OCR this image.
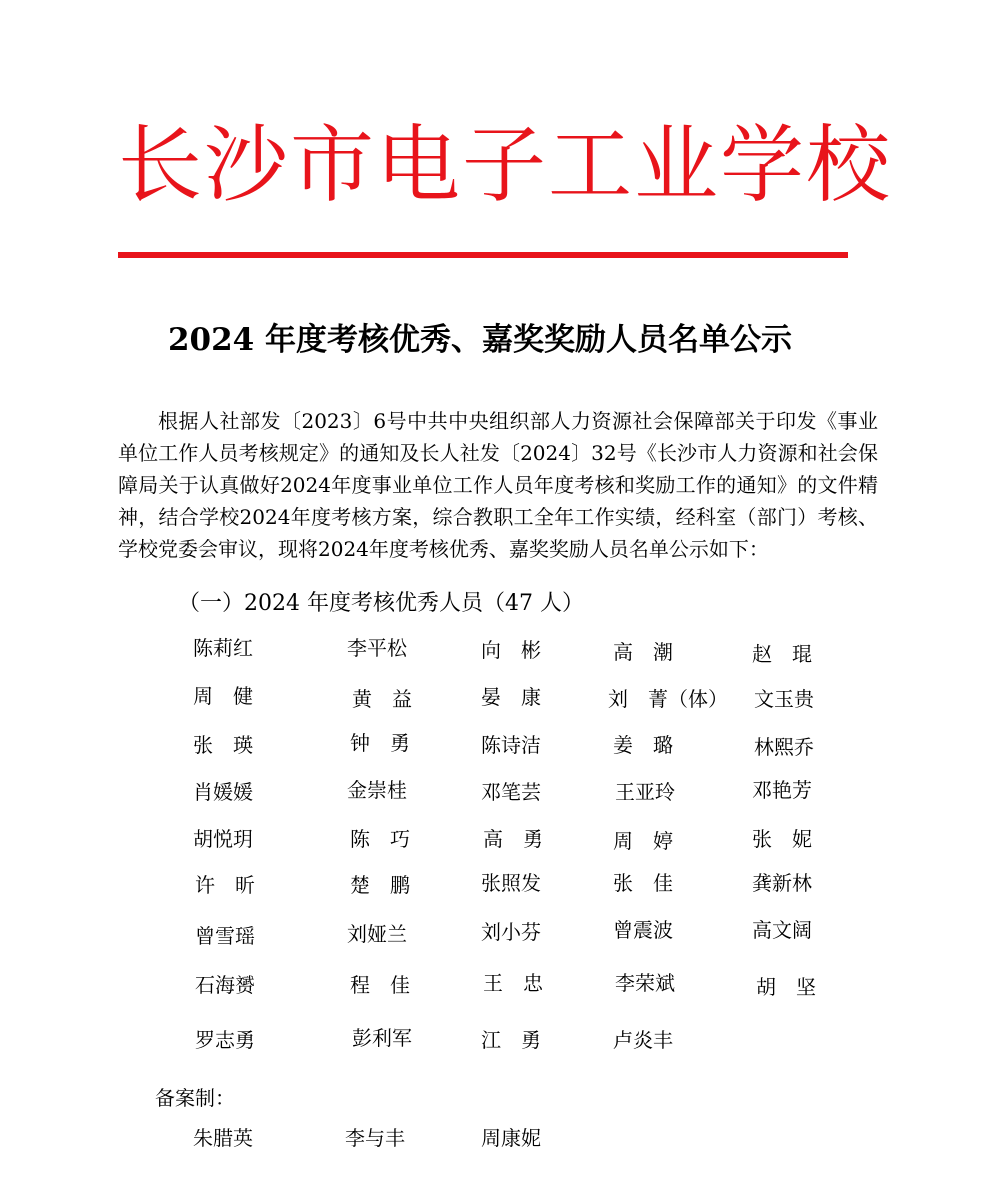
长沙市电子工业学校
2024 年度考核优秀、嘉奖奖励人员名单公示

根据人社部发〔2023〕6号中共中央组织部人力资源社会保障部关于印发《事业单位工作人员考核规定》的通知及长人社发〔2024〕32号《长沙市人力资源和社会保障局关于认真做好2024年度事业单位工作人员年度考核和奖励工作的通知》的文件精神，结合学校2024年度考核方案，综合教职工全年工作实绩，经科室（部门）考核、学校党委会审议，现将2024年度考核优秀、嘉奖奖励人员名单公示如下：

（一）2024 年度考核优秀人员（47 人）
陈莉红	李平松	向　彬	高　潮	赵　琨
周　健	黄　益	晏　康	刘　菁（体） 文玉贵
张　瑛	钟　勇	陈诗洁	姜　璐	林熙乔
肖媛媛	金崇桂	邓笔芸	王亚玲	邓艳芳
胡悦玥	陈　巧	高　勇	周　婷	张　妮
许　昕	楚　鹏	张照发	张　佳	龚新林
曾雪瑶	刘娅兰	刘小芬	曾震波	高文阔
石海赟	程　佳	王　忠	李荣斌	胡　坚
罗志勇	彭利军	江　勇	卢炎丰
备案制：
朱腊英	李与丰	周康妮
